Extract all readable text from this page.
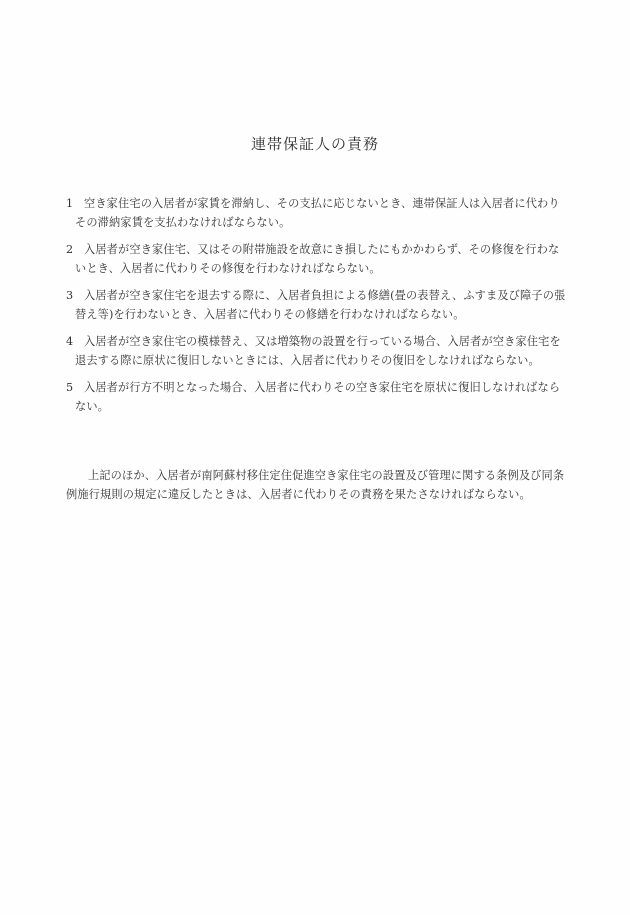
連帯保証人の責務
1 空き家住宅の入居者が家賃を滞納し、その支払に応じないとき、連帯保証人は入居者に代わりその滞納家賃を支払わなければならない。
2 入居者が空き家住宅、又はその附帯施設を故意にき損したにもかかわらず、その修復を行わないとき、入居者に代わりその修復を行わなければならない。
3 入居者が空き家住宅を退去する際に、入居者負担による修繕(畳の表替え、ふすま及び障子の張替え等)を行わないとき、入居者に代わりその修繕を行わなければならない。
4 入居者が空き家住宅の模様替え、又は増築物の設置を行っている場合、入居者が空き家住宅を退去する際に原状に復旧しないときには、入居者に代わりその復旧をしなければならない。
5 入居者が行方不明となった場合、入居者に代わりその空き家住宅を原状に復旧しなければならない。

上記のほか、入居者が南阿蘇村移住定住促進空き家住宅の設置及び管理に関する条例及び同条例施行規則の規定に違反したときは、入居者に代わりその責務を果たさなければならない。
